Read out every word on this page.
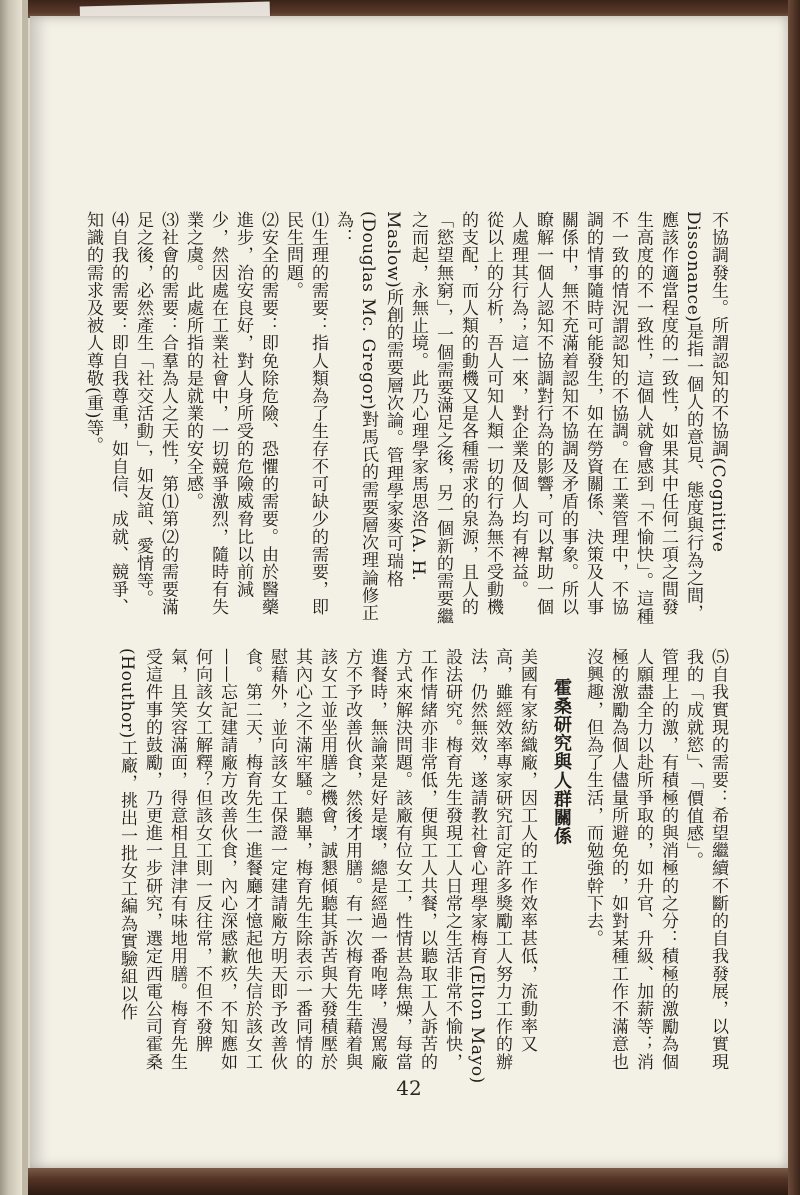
不協調發生。所謂認知的不協調(Cognitive Dissonance)是指一個人的意見、態度與行為之間，應該作適當程度的一致性，如果其中任何二項之間發生高度的不一致性，這個人就會感到「不愉快」。這種不一致的情況謂認知的不協調。在工業管理中，不協調的情事隨時可能發生，如在勞資關係、決策及人事關係中，無不充滿着認知不協調及矛盾的事象。所以瞭解一個人認知不協調對行為的影響，可以幫助一個人處理其行為；這一來，對企業及個人均有裨益。

從以上的分析，吾人可知人類一切的行為無不受動機的支配，而人類的動機又是各種需求的泉源，且人的「慾望無窮」，一個需要滿足之後，另一個新的需要繼之而起，永無止境。此乃心理學家馬思洛(A. H. Maslow)所創的需要層次論。管理學家麥可瑞格(Douglas Mc. Gregor)對馬氏的需要層次理論修正為：

⑴生理的需要：指人類為了生存不可缺少的需要，即民生問題。

⑵安全的需要：即免除危險、恐懼的需要。由於醫藥進步，治安良好，對人身所受的危險威脅比以前減少，然因處在工業社會中，一切競爭激烈，隨時有失業之虞。此處所指的是就業的安全感。

⑶社會的需要：合羣為人之天性，第⑴第⑵的需要滿足之後，必然產生「社交活動」，如友誼、愛情等。

⑷自我的需要：即自我尊重，如自信、成就、競爭、知識的需求及被人尊敬(重)等。

⑸自我實現的需要：希望繼續不斷的自我發展，以實現我的「成就慾」、「價值感」。

管理上的激，有積極的與消極的之分：積極的激勵為個人願盡全力以赴所爭取的，如升官、升級、加薪等；消極的激勵為個人儘量所避免的，如對某種工作不滿意也沒興趣，但為了生活，而勉強幹下去。

霍桑研究與人群關係

美國有家紡織廠，因工人的工作效率甚低，流動率又高，雖經效率專家研究訂定許多獎勵工人努力工作的辦法，仍然無效，遂請教社會心理學家梅育(Elton Mayo)設法研究。梅育先生發現工人日常之生活非常不愉快，工作情緒亦非常低，便與工人共餐，以聽取工人訴苦的方式來解決問題。該廠有位女工，性情甚為焦燥，每當進餐時，無論菜是好是壞，總是經過一番咆哮，漫罵廠方不予改善伙食，然後才用膳。有一次梅育先生藉着與該女工並坐用膳之機會，誠懇傾聽其訴苦與大發積壓於其內心之不滿牢騷。聽畢，梅育先生除表示一番同情的慰藉外，並向該女工保證一定建請廠方明天即予改善伙食。第二天，梅育先生一進餐廳才憶起他失信於該女工——忘記建請廠方改善伙食，內心深感歉疚，不知應如何向該女工解釋？但該女工則一反往常，不但不發脾氣，且笑容滿面，得意相且津津有味地用膳。梅育先生受這件事的鼓勵，乃更進一步研究，選定西電公司霍桑(Houthor)工廠，挑出一批女工編為實驗組以作

42
